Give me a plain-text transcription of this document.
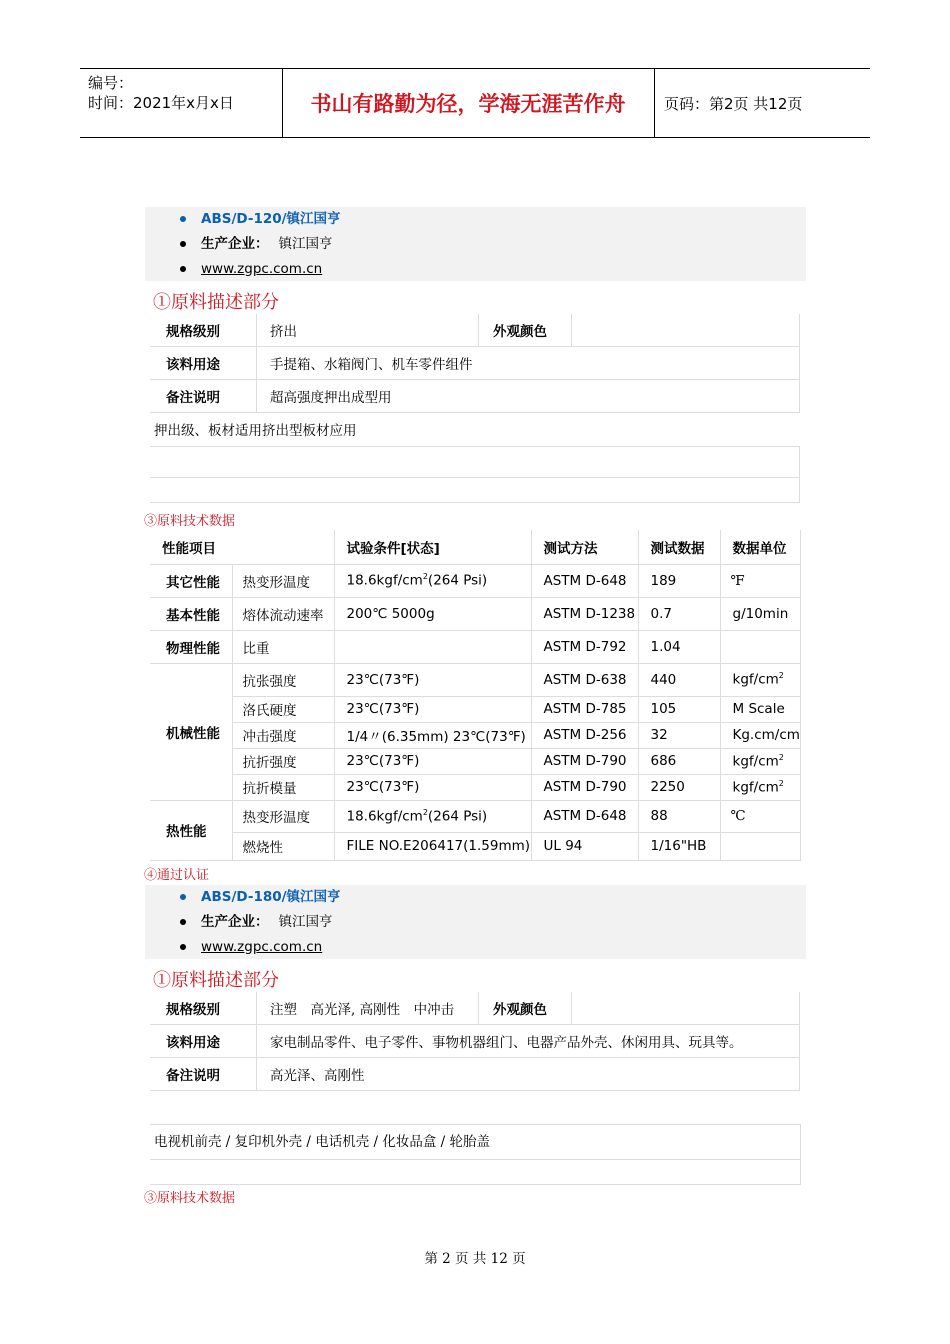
编号：
时间：2021年x月x日	书山有路勤为径，学海无涯苦作舟	页码：第2页 共12页
ABS/D-120/镇江国亨
生产企业： 镇江国亨
www.zgpc.com.cn
①原料描述部分
规格级别	挤出	外观颜色	
该料用途	手提箱、水箱阀门、机车零件组件		
备注说明	超高强度押出成型用		
押出级、板材适用挤出型板材应用
③原料技术数据
性能项目		试验条件[状态]	测试方法	测试数据	数据单位
其它性能	热变形温度	$18.6kgf/cm^2(264$ Psi)	ASTM D-648	189	℉
基本性能	熔体流动速率	200℃ 5000g	ASTM D-1238	0.7	g/10min
物理性能	比重		ASTM D-792	1.04	
机械性能	抗张强度	23℃(73℉)	ASTM D-638	440	kgf/$cm^2$
	洛氏硬度	23℃(73℉)	ASTM D-785	105	M Scale
	冲击强度	1/4〃(6.35mm) 23℃(73℉)	ASTM D-256	32	Kg.cm/cm
	抗折强度	23℃(73℉)	ASTM D-790	686	kgf/$cm^2$
	抗折模量	23℃(73℉)	ASTM D-790	2250	kgf/$cm^2$
热性能	热变形温度	$18.6kgf/cm^2(264$ Psi)	ASTM D-648	88	℃
	燃烧性	FILE NO.E206417(1.59mm)	UL 94	1/16"HB	
④通过认证
ABS/D-180/镇江国亨
生产企业： 镇江国亨
www.zgpc.com.cn
①原料描述部分
规格级别	注塑　高光泽, 高刚性　中冲击	外观颜色	
该料用途	家电制品零件、电子零件、事物机器组门、电器产品外壳、休闲用具、玩具等。		
备注说明	高光泽、高刚性		
电视机前壳 / 复印机外壳 / 电话机壳 / 化妆品盒 / 轮胎盖
③原料技术数据
第 2 页 共 12 页
